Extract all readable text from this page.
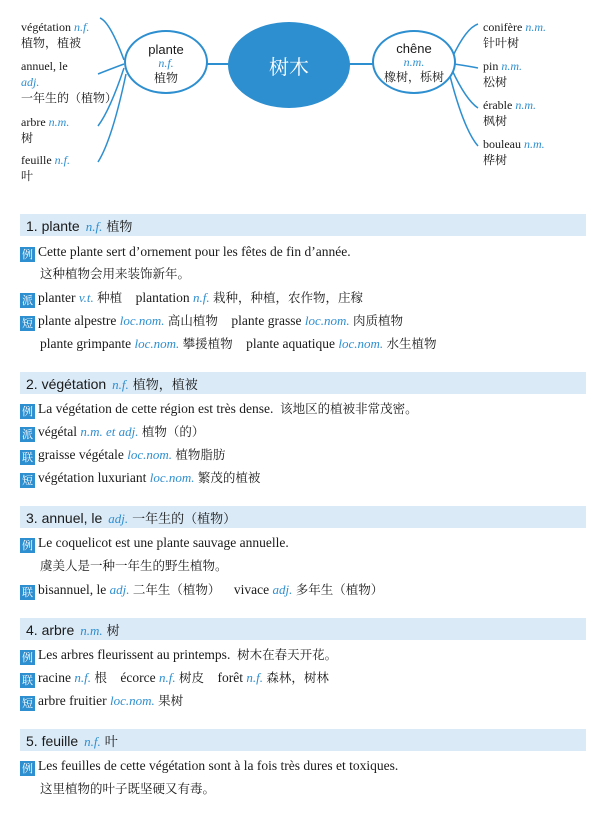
végétation n.f.
植物，植被
annuel, le
adj.
一年生的（植物）
arbre n.m.
树
feuille n.f.
叶
plante
n.f.
植物	树木
chêne
n.m.
橡树，栎树
conifère n.m.
针叶树
pin n.m.
松树
érable n.m.
枫树
bouleau n.m.
桦树
1. plante n.f. 植物
例 Cette plante sert d’ornement pour les fêtes de fin d’année.
这种植物会用来装饰新年。
派 planter v.t. 种植 plantation n.f. 栽种，种植，农作物，庄稼
短 plante alpestre loc.nom. 高山植物 plante grasse loc.nom. 肉质植物
plante grimpante loc.nom. 攀援植物 plante aquatique loc.nom. 水生植物
2. végétation n.f. 植物，植被
例 La végétation de cette région est très dense. 该地区的植被非常茂密。
派 végétal n.m. et adj. 植物（的）
联 graisse végétale loc.nom. 植物脂肪
短 végétation luxuriant loc.nom. 繁茂的植被
3. annuel, le adj. 一年生的（植物）
例 Le coquelicot est une plante sauvage annuelle.
虞美人是一种一年生的野生植物。
联 bisannuel, le adj. 二年生（植物） vivace adj. 多年生（植物）
4. arbre n.m. 树
例 Les arbres fleurissent au printemps. 树木在春天开花。
联 racine n.f. 根 écorce n.f. 树皮 forêt n.f. 森林，树林
短 arbre fruitier loc.nom. 果树
5. feuille n.f. 叶
例 Les feuilles de cette végétation sont à la fois très dures et toxiques.
这里植物的叶子既坚硬又有毒。
